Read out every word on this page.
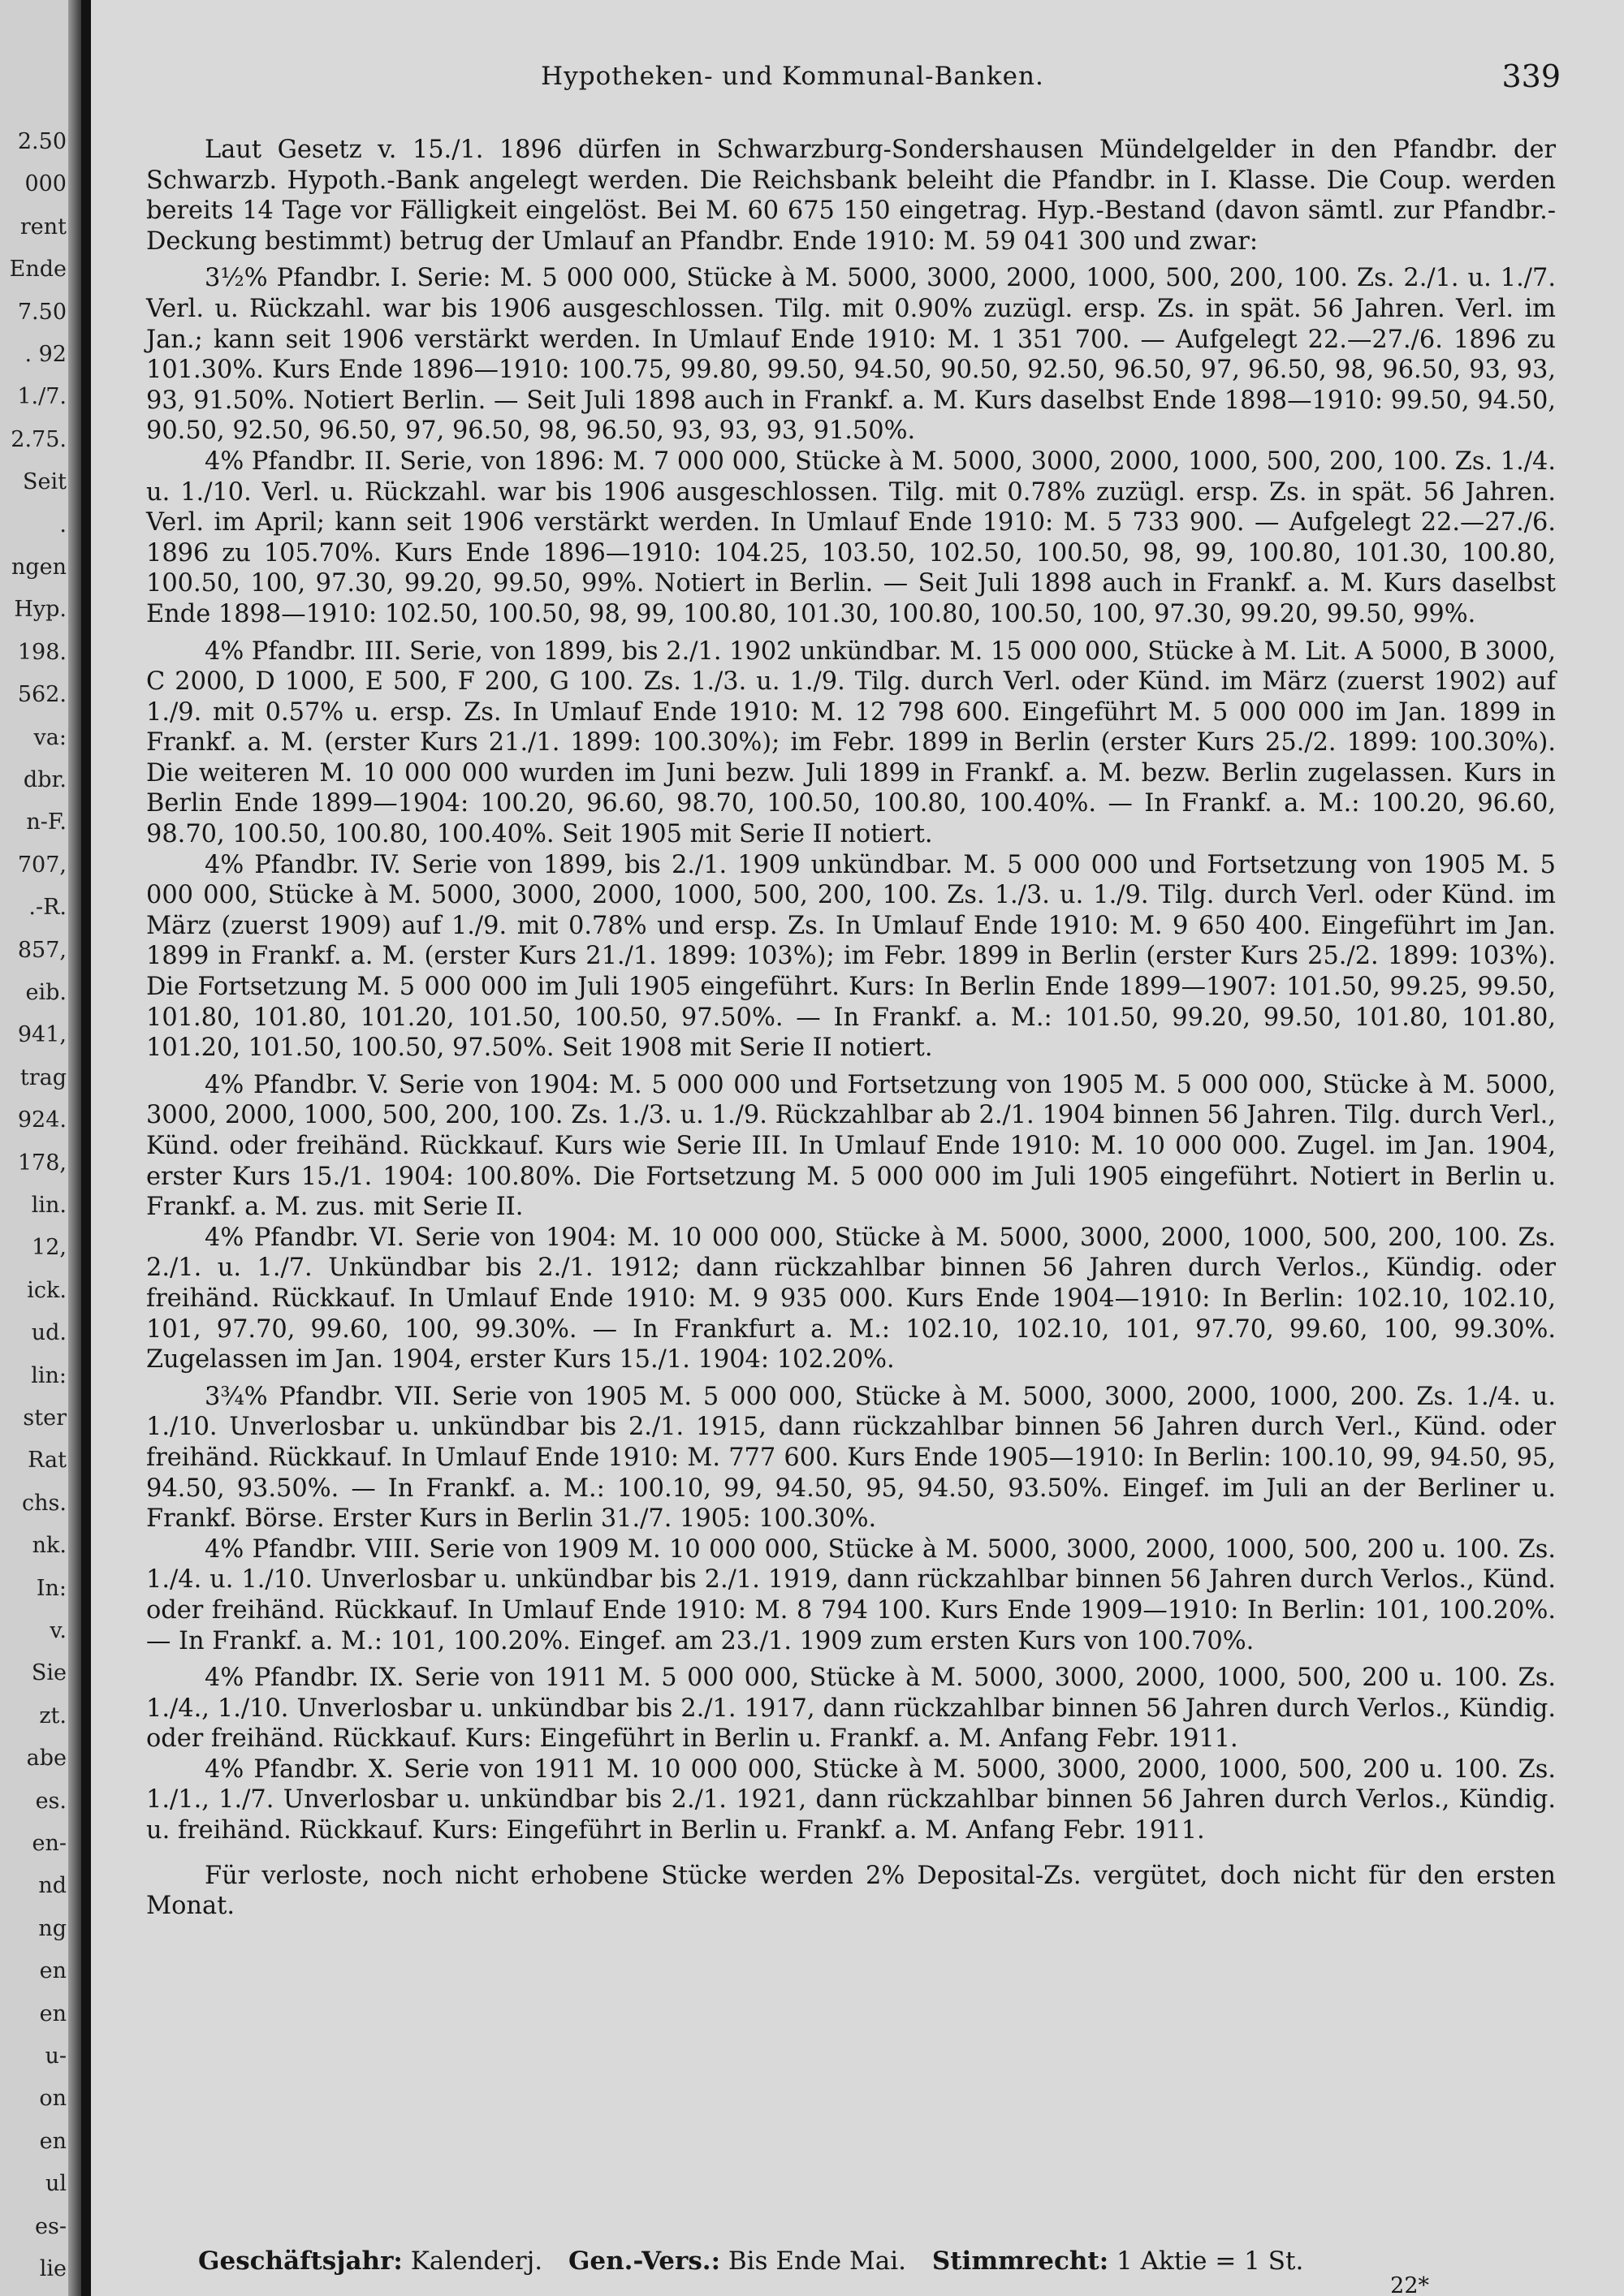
2.50
000
rent
Ende
7.50
. 92
1./7.
2.75.
Seit
.
ngen
Hyp.
198.
562.
va:
dbr.
n-F.
707,
.-R.
857,
eib.
941,
trag
924.
178,
lin.
12,
ick.
ud.
lin:
ster
Rat
chs.
nk.
In:
v.
Sie
zt.
abe
es.
en-
nd
ng
en
en
u-
on
en
ul
es-
lie
Hypotheken- und Kommunal-Banken.	339

Laut Gesetz v. 15./1. 1896 dürfen in Schwarzburg-Sondershausen Mündelgelder in den Pfandbr. der Schwarzb. Hypoth.-Bank angelegt werden. Die Reichsbank beleiht die Pfandbr. in I. Klasse. Die Coup. werden bereits 14 Tage vor Fälligkeit eingelöst. Bei M. 60 675 150 eingetrag. Hyp.-Bestand (davon sämtl. zur Pfandbr.-Deckung bestimmt) betrug der Umlauf an Pfandbr. Ende 1910: M. 59 041 300 und zwar:

3½% Pfandbr. I. Serie: M. 5 000 000, Stücke à M. 5000, 3000, 2000, 1000, 500, 200, 100. Zs. 2./1. u. 1./7. Verl. u. Rückzahl. war bis 1906 ausgeschlossen. Tilg. mit 0.90% zuzügl. ersp. Zs. in spät. 56 Jahren. Verl. im Jan.; kann seit 1906 verstärkt werden. In Umlauf Ende 1910: M. 1 351 700. — Aufgelegt 22.—27./6. 1896 zu 101.30%. Kurs Ende 1896—1910: 100.75, 99.80, 99.50, 94.50, 90.50, 92.50, 96.50, 97, 96.50, 98, 96.50, 93, 93, 93, 91.50%. Notiert Berlin. — Seit Juli 1898 auch in Frankf. a. M. Kurs daselbst Ende 1898—1910: 99.50, 94.50, 90.50, 92.50, 96.50, 97, 96.50, 98, 96.50, 93, 93, 93, 91.50%.

4% Pfandbr. II. Serie, von 1896: M. 7 000 000, Stücke à M. 5000, 3000, 2000, 1000, 500, 200, 100. Zs. 1./4. u. 1./10. Verl. u. Rückzahl. war bis 1906 ausgeschlossen. Tilg. mit 0.78% zuzügl. ersp. Zs. in spät. 56 Jahren. Verl. im April; kann seit 1906 verstärkt werden. In Umlauf Ende 1910: M. 5 733 900. — Aufgelegt 22.—27./6. 1896 zu 105.70%. Kurs Ende 1896—1910: 104.25, 103.50, 102.50, 100.50, 98, 99, 100.80, 101.30, 100.80, 100.50, 100, 97.30, 99.20, 99.50, 99%. Notiert in Berlin. — Seit Juli 1898 auch in Frankf. a. M. Kurs daselbst Ende 1898—1910: 102.50, 100.50, 98, 99, 100.80, 101.30, 100.80, 100.50, 100, 97.30, 99.20, 99.50, 99%.

4% Pfandbr. III. Serie, von 1899, bis 2./1. 1902 unkündbar. M. 15 000 000, Stücke à M. Lit. A 5000, B 3000, C 2000, D 1000, E 500, F 200, G 100. Zs. 1./3. u. 1./9. Tilg. durch Verl. oder Künd. im März (zuerst 1902) auf 1./9. mit 0.57% u. ersp. Zs. In Umlauf Ende 1910: M. 12 798 600. Eingeführt M. 5 000 000 im Jan. 1899 in Frankf. a. M. (erster Kurs 21./1. 1899: 100.30%); im Febr. 1899 in Berlin (erster Kurs 25./2. 1899: 100.30%). Die weiteren M. 10 000 000 wurden im Juni bezw. Juli 1899 in Frankf. a. M. bezw. Berlin zugelassen. Kurs in Berlin Ende 1899—1904: 100.20, 96.60, 98.70, 100.50, 100.80, 100.40%. — In Frankf. a. M.: 100.20, 96.60, 98.70, 100.50, 100.80, 100.40%. Seit 1905 mit Serie II notiert.

4% Pfandbr. IV. Serie von 1899, bis 2./1. 1909 unkündbar. M. 5 000 000 und Fortsetzung von 1905 M. 5 000 000, Stücke à M. 5000, 3000, 2000, 1000, 500, 200, 100. Zs. 1./3. u. 1./9. Tilg. durch Verl. oder Künd. im März (zuerst 1909) auf 1./9. mit 0.78% und ersp. Zs. In Umlauf Ende 1910: M. 9 650 400. Eingeführt im Jan. 1899 in Frankf. a. M. (erster Kurs 21./1. 1899: 103%); im Febr. 1899 in Berlin (erster Kurs 25./2. 1899: 103%). Die Fortsetzung M. 5 000 000 im Juli 1905 eingeführt. Kurs: In Berlin Ende 1899—1907: 101.50, 99.25, 99.50, 101.80, 101.80, 101.20, 101.50, 100.50, 97.50%. — In Frankf. a. M.: 101.50, 99.20, 99.50, 101.80, 101.80, 101.20, 101.50, 100.50, 97.50%. Seit 1908 mit Serie II notiert.

4% Pfandbr. V. Serie von 1904: M. 5 000 000 und Fortsetzung von 1905 M. 5 000 000, Stücke à M. 5000, 3000, 2000, 1000, 500, 200, 100. Zs. 1./3. u. 1./9. Rückzahlbar ab 2./1. 1904 binnen 56 Jahren. Tilg. durch Verl., Künd. oder freihänd. Rückkauf. Kurs wie Serie III. In Umlauf Ende 1910: M. 10 000 000. Zugel. im Jan. 1904, erster Kurs 15./1. 1904: 100.80%. Die Fortsetzung M. 5 000 000 im Juli 1905 eingeführt. Notiert in Berlin u. Frankf. a. M. zus. mit Serie II.

4% Pfandbr. VI. Serie von 1904: M. 10 000 000, Stücke à M. 5000, 3000, 2000, 1000, 500, 200, 100. Zs. 2./1. u. 1./7. Unkündbar bis 2./1. 1912; dann rückzahlbar binnen 56 Jahren durch Verlos., Kündig. oder freihänd. Rückkauf. In Umlauf Ende 1910: M. 9 935 000. Kurs Ende 1904—1910: In Berlin: 102.10, 102.10, 101, 97.70, 99.60, 100, 99.30%. — In Frankfurt a. M.: 102.10, 102.10, 101, 97.70, 99.60, 100, 99.30%. Zugelassen im Jan. 1904, erster Kurs 15./1. 1904: 102.20%.

3¾% Pfandbr. VII. Serie von 1905 M. 5 000 000, Stücke à M. 5000, 3000, 2000, 1000, 200. Zs. 1./4. u. 1./10. Unverlosbar u. unkündbar bis 2./1. 1915, dann rückzahlbar binnen 56 Jahren durch Verl., Künd. oder freihänd. Rückkauf. In Umlauf Ende 1910: M. 777 600. Kurs Ende 1905—1910: In Berlin: 100.10, 99, 94.50, 95, 94.50, 93.50%. — In Frankf. a. M.: 100.10, 99, 94.50, 95, 94.50, 93.50%. Eingef. im Juli an der Berliner u. Frankf. Börse. Erster Kurs in Berlin 31./7. 1905: 100.30%.

4% Pfandbr. VIII. Serie von 1909 M. 10 000 000, Stücke à M. 5000, 3000, 2000, 1000, 500, 200 u. 100. Zs. 1./4. u. 1./10. Unverlosbar u. unkündbar bis 2./1. 1919, dann rückzahlbar binnen 56 Jahren durch Verlos., Künd. oder freihänd. Rückkauf. In Umlauf Ende 1910: M. 8 794 100. Kurs Ende 1909—1910: In Berlin: 101, 100.20%. — In Frankf. a. M.: 101, 100.20%. Eingef. am 23./1. 1909 zum ersten Kurs von 100.70%.

4% Pfandbr. IX. Serie von 1911 M. 5 000 000, Stücke à M. 5000, 3000, 2000, 1000, 500, 200 u. 100. Zs. 1./4., 1./10. Unverlosbar u. unkündbar bis 2./1. 1917, dann rückzahlbar binnen 56 Jahren durch Verlos., Kündig. oder freihänd. Rückkauf. Kurs: Eingeführt in Berlin u. Frankf. a. M. Anfang Febr. 1911.

4% Pfandbr. X. Serie von 1911 M. 10 000 000, Stücke à M. 5000, 3000, 2000, 1000, 500, 200 u. 100. Zs. 1./1., 1./7. Unverlosbar u. unkündbar bis 2./1. 1921, dann rückzahlbar binnen 56 Jahren durch Verlos., Kündig. u. freihänd. Rückkauf. Kurs: Eingeführt in Berlin u. Frankf. a. M. Anfang Febr. 1911.

Für verloste, noch nicht erhobene Stücke werden 2% Deposital-Zs. vergütet, doch nicht für den ersten Monat.

Geschäftsjahr: Kalenderj. Gen.-Vers.: Bis Ende Mai. Stimmrecht: 1 Aktie = 1 St.
22*
